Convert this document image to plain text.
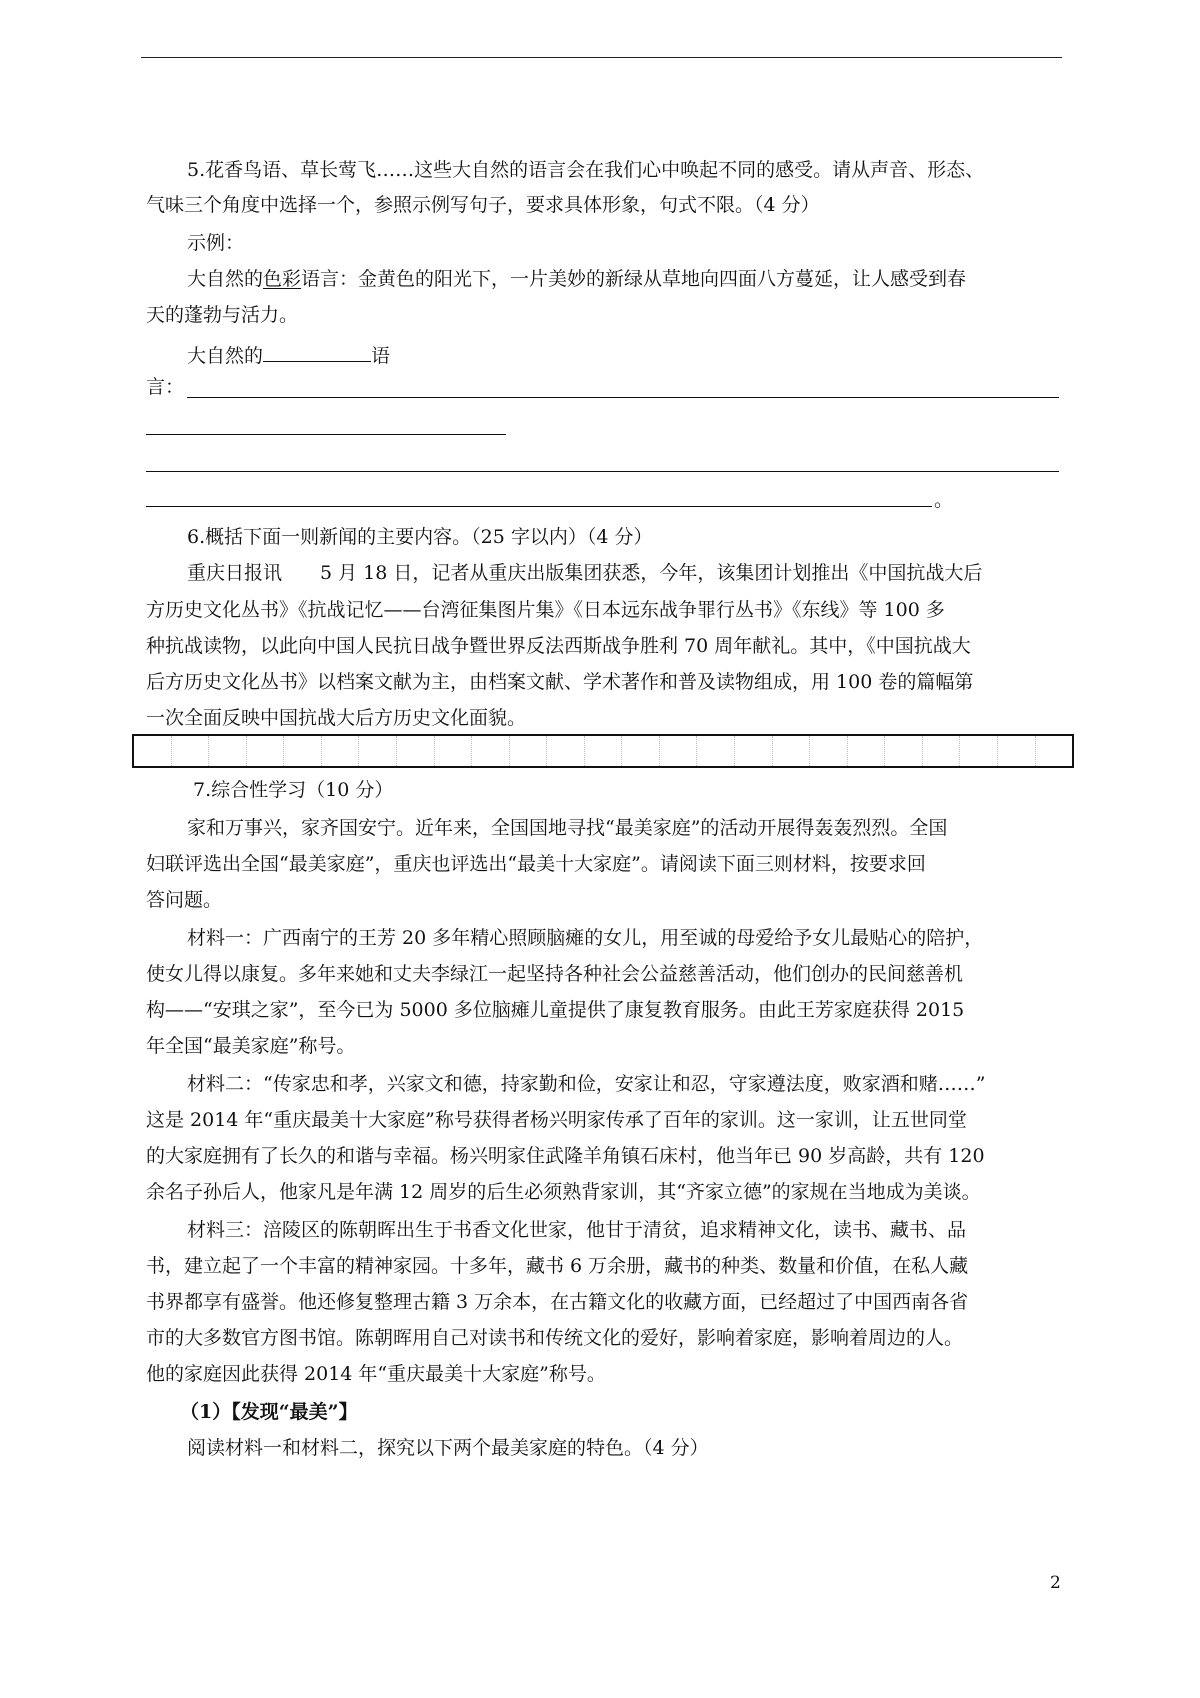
5.花香鸟语、草长莺飞……这些大自然的语言会在我们心中唤起不同的感受。请从声音、形态、
气味三个角度中选择一个，参照示例写句子，要求具体形象，句式不限。（4 分）
示例：
大自然的色彩语言：金黄色的阳光下，一片美妙的新绿从草地向四面八方蔓延，让人感受到春
天的蓬勃与活力。
大自然的	语
言：
。
6.概括下面一则新闻的主要内容。（25 字以内）（4 分）
重庆日报讯　　5 月 18 日，记者从重庆出版集团获悉，今年，该集团计划推出《中国抗战大后
方历史文化丛书》《抗战记忆——台湾征集图片集》《日本远东战争罪行丛书》《东线》等 100 多
种抗战读物，以此向中国人民抗日战争暨世界反法西斯战争胜利 70 周年献礼。其中，《中国抗战大
后方历史文化丛书》以档案文献为主，由档案文献、学术著作和普及读物组成，用 100 卷的篇幅第
一次全面反映中国抗战大后方历史文化面貌。
7.综合性学习（10 分）
家和万事兴，家齐国安宁。近年来，全国国地寻找“最美家庭”的活动开展得轰轰烈烈。全国
妇联评选出全国“最美家庭”，重庆也评选出“最美十大家庭”。请阅读下面三则材料，按要求回
答问题。
材料一：广西南宁的王芳 20 多年精心照顾脑瘫的女儿，用至诚的母爱给予女儿最贴心的陪护，
使女儿得以康复。多年来她和丈夫李绿江一起坚持各种社会公益慈善活动，他们创办的民间慈善机
构——“安琪之家”，至今已为 5000 多位脑瘫儿童提供了康复教育服务。由此王芳家庭获得 2015
年全国“最美家庭”称号。
材料二：“传家忠和孝，兴家文和德，持家勤和俭，安家让和忍，守家遵法度，败家酒和赌……”
这是 2014 年“重庆最美十大家庭”称号获得者杨兴明家传承了百年的家训。这一家训，让五世同堂
的大家庭拥有了长久的和谐与幸福。杨兴明家住武隆羊角镇石床村，他当年已 90 岁高龄，共有 120
余名子孙后人，他家凡是年满 12 周岁的后生必须熟背家训，其“齐家立德”的家规在当地成为美谈。
材料三：涪陵区的陈朝晖出生于书香文化世家，他甘于清贫，追求精神文化，读书、藏书、品
书，建立起了一个丰富的精神家园。十多年，藏书 6 万余册，藏书的种类、数量和价值，在私人藏
书界都享有盛誉。他还修复整理古籍 3 万余本，在古籍文化的收藏方面，已经超过了中国西南各省
市的大多数官方图书馆。陈朝晖用自己对读书和传统文化的爱好，影响着家庭，影响着周边的人。
他的家庭因此获得 2014 年“重庆最美十大家庭”称号。
（1）【发现“最美”】
阅读材料一和材料二，探究以下两个最美家庭的特色。（4 分）
2
